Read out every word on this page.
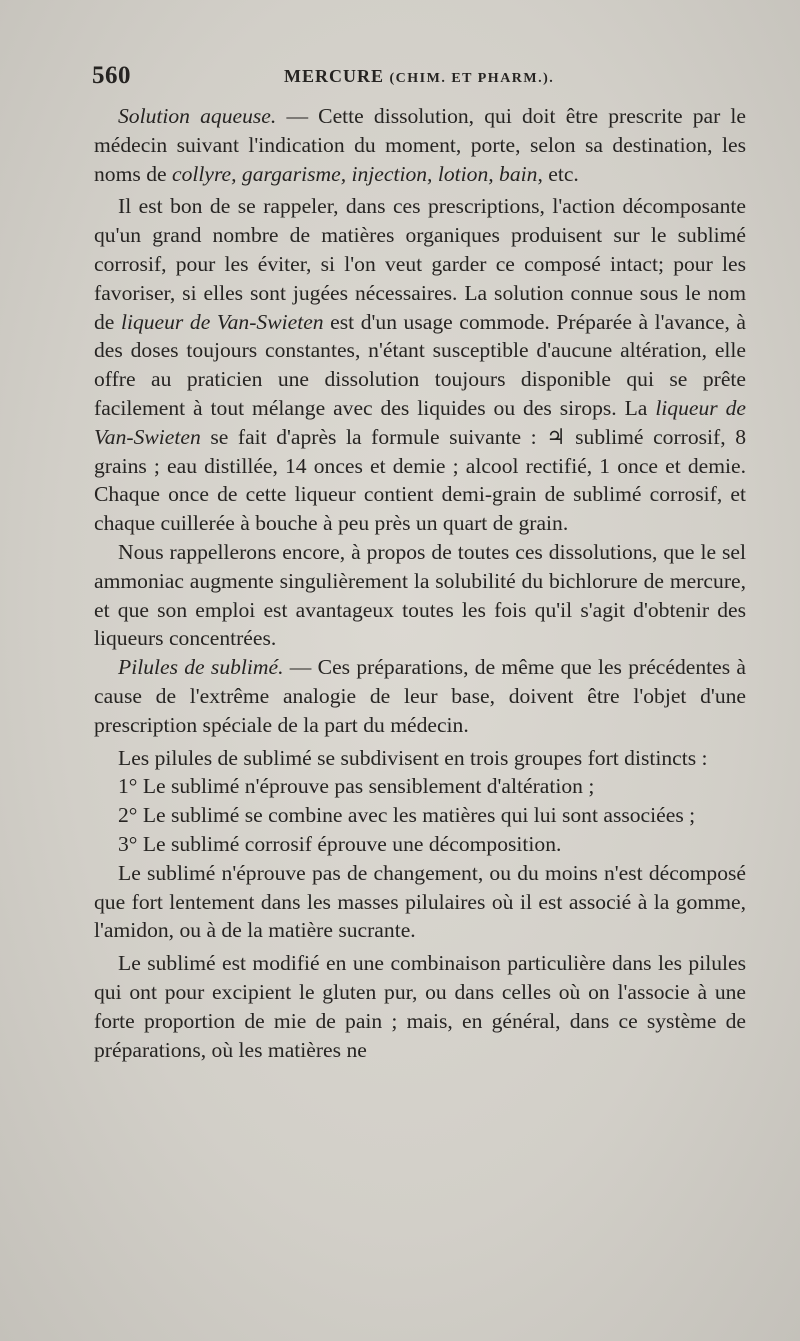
560	MERCURE (CHIM. ET PHARM.).

Solution aqueuse. — Cette dissolution, qui doit être prescrite par le médecin suivant l'indication du moment, porte, selon sa destination, les noms de collyre, gargarisme, injection, lotion, bain, etc.

Il est bon de se rappeler, dans ces prescriptions, l'action décomposante qu'un grand nombre de matières organiques produisent sur le sublimé corrosif, pour les éviter, si l'on veut garder ce composé intact; pour les favoriser, si elles sont jugées nécessaires. La solution connue sous le nom de liqueur de Van-Swieten est d'un usage commode. Préparée à l'avance, à des doses toujours constantes, n'étant susceptible d'aucune altération, elle offre au praticien une dissolution toujours disponible qui se prête facilement à tout mélange avec des liquides ou des sirops. La liqueur de Van-Swieten se fait d'après la formule suivante : ♃ sublimé corrosif, 8 grains ; eau distillée, 14 onces et demie ; alcool rectifié, 1 once et demie. Chaque once de cette liqueur contient demi-grain de sublimé corrosif, et chaque cuillerée à bouche à peu près un quart de grain.

Nous rappellerons encore, à propos de toutes ces dissolutions, que le sel ammoniac augmente singulièrement la solubilité du bichlorure de mercure, et que son emploi est avantageux toutes les fois qu'il s'agit d'obtenir des liqueurs concentrées.

Pilules de sublimé. — Ces préparations, de même que les précédentes à cause de l'extrême analogie de leur base, doivent être l'objet d'une prescription spéciale de la part du médecin.

Les pilules de sublimé se subdivisent en trois groupes fort distincts :

1° Le sublimé n'éprouve pas sensiblement d'altération ;

2° Le sublimé se combine avec les matières qui lui sont associées ;

3° Le sublimé corrosif éprouve une décomposition.

Le sublimé n'éprouve pas de changement, ou du moins n'est décomposé que fort lentement dans les masses pilulaires où il est associé à la gomme, l'amidon, ou à de la matière sucrante.

Le sublimé est modifié en une combinaison particulière dans les pilules qui ont pour excipient le gluten pur, ou dans celles où on l'associe à une forte proportion de mie de pain ; mais, en général, dans ce système de préparations, où les matières ne
